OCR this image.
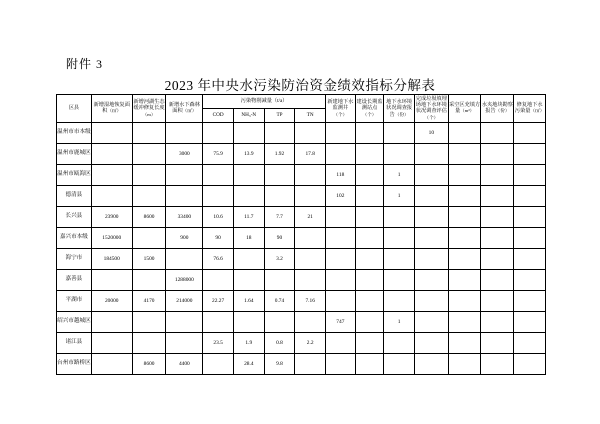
附件 3
2023 年中央水污染防治资金绩效指标分解表
区县	新增湿地恢复面积（㎡）	新增河湖生态缓冲修复长度（m）	新增水下森林面积（㎡）	污染物削减量（t/a）				新建地下水监测井（个）	建设长期监测站点（个）	地下水环境状况调查报告（份）	完成垃圾填埋场地下水环境状况调查评估（个）	采空区充填方量（m³）	水夹地块勘察报告（份）	修复地下水污染量（㎡）
				COD	NH₃-N	TP	TN							
温州市市本级											10			
温州市鹿城区			3000	75.9	13.9	1.92	17.8							
温州市瓯海区								118		1				
德清县								102		1				
长兴县	23900	8600	33400	10.6	11.7	7.7	21							
嘉兴市本级	1520000		900	90	18	90								
海宁市	184500	1500		76.6		3.2								
嘉善县			1288000											
平湖市	20000	4170	214000	22.27	1.64	0.74	7.16							
绍兴市越城区								747		1				
诸江县				23.5	1.9	0.8	2.2							
台州市路桥区		8600	4400		28.4	9.8								
